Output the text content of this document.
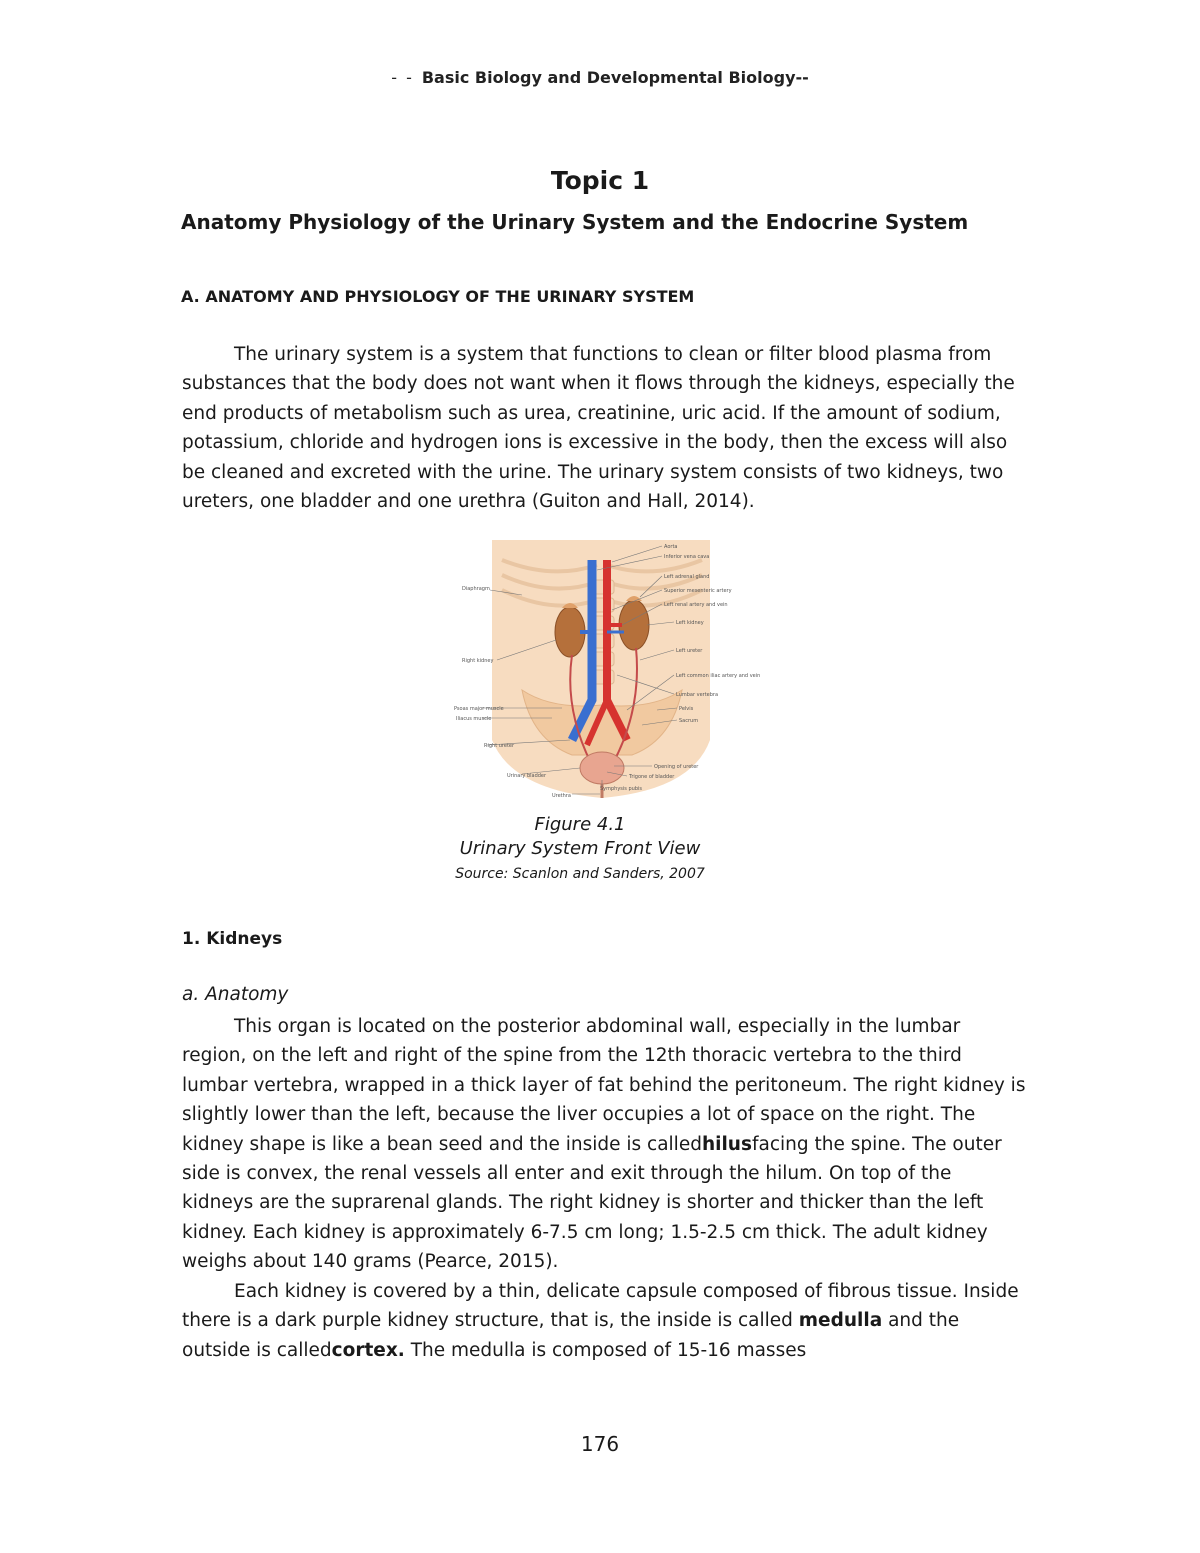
- - Basic Biology and Developmental Biology--
Topic 1
Anatomy Physiology of the Urinary System and the Endocrine System
A. ANATOMY AND PHYSIOLOGY OF THE URINARY SYSTEM

The urinary system is a system that functions to clean or filter blood plasma from substances that the body does not want when it flows through the kidneys, especially the end products of metabolism such as urea, creatinine, uric acid. If the amount of sodium, potassium, chloride and hydrogen ions is excessive in the body, then the excess will also be cleaned and excreted with the urine. The urinary system consists of two kidneys, two ureters, one bladder and one urethra (Guiton and Hall, 2014).

Diaphragm
Right kidney
Psoas major muscle
Iliacus muscle
Right ureter
Urinary bladder
Urethra
Aorta
Inferior vena cava
Left adrenal gland
Superior mesenteric artery
Left renal artery and vein
Left kidney
Left ureter
Left common iliac artery and vein
Lumbar vertebra
Pelvis
Sacrum
Opening of ureter
Trigone of bladder
Symphysis pubis
Figure 4.1
Urinary System Front View
Source: Scanlon and Sanders, 2007
1. Kidneys
a. Anatomy

This organ is located on the posterior abdominal wall, especially in the lumbar region, on the left and right of the spine from the 12th thoracic vertebra to the third lumbar vertebra, wrapped in a thick layer of fat behind the peritoneum. The right kidney is slightly lower than the left, because the liver occupies a lot of space on the right. The kidney shape is like a bean seed and the inside is calledhilusfacing the spine. The outer side is convex, the renal vessels all enter and exit through the hilum. On top of the kidneys are the suprarenal glands. The right kidney is shorter and thicker than the left kidney. Each kidney is approximately 6-7.5 cm long; 1.5-2.5 cm thick. The adult kidney weighs about 140 grams (Pearce, 2015).

Each kidney is covered by a thin, delicate capsule composed of fibrous tissue. Inside there is a dark purple kidney structure, that is, the inside is called medulla and the outside is calledcortex. The medulla is composed of 15-16 masses

176
